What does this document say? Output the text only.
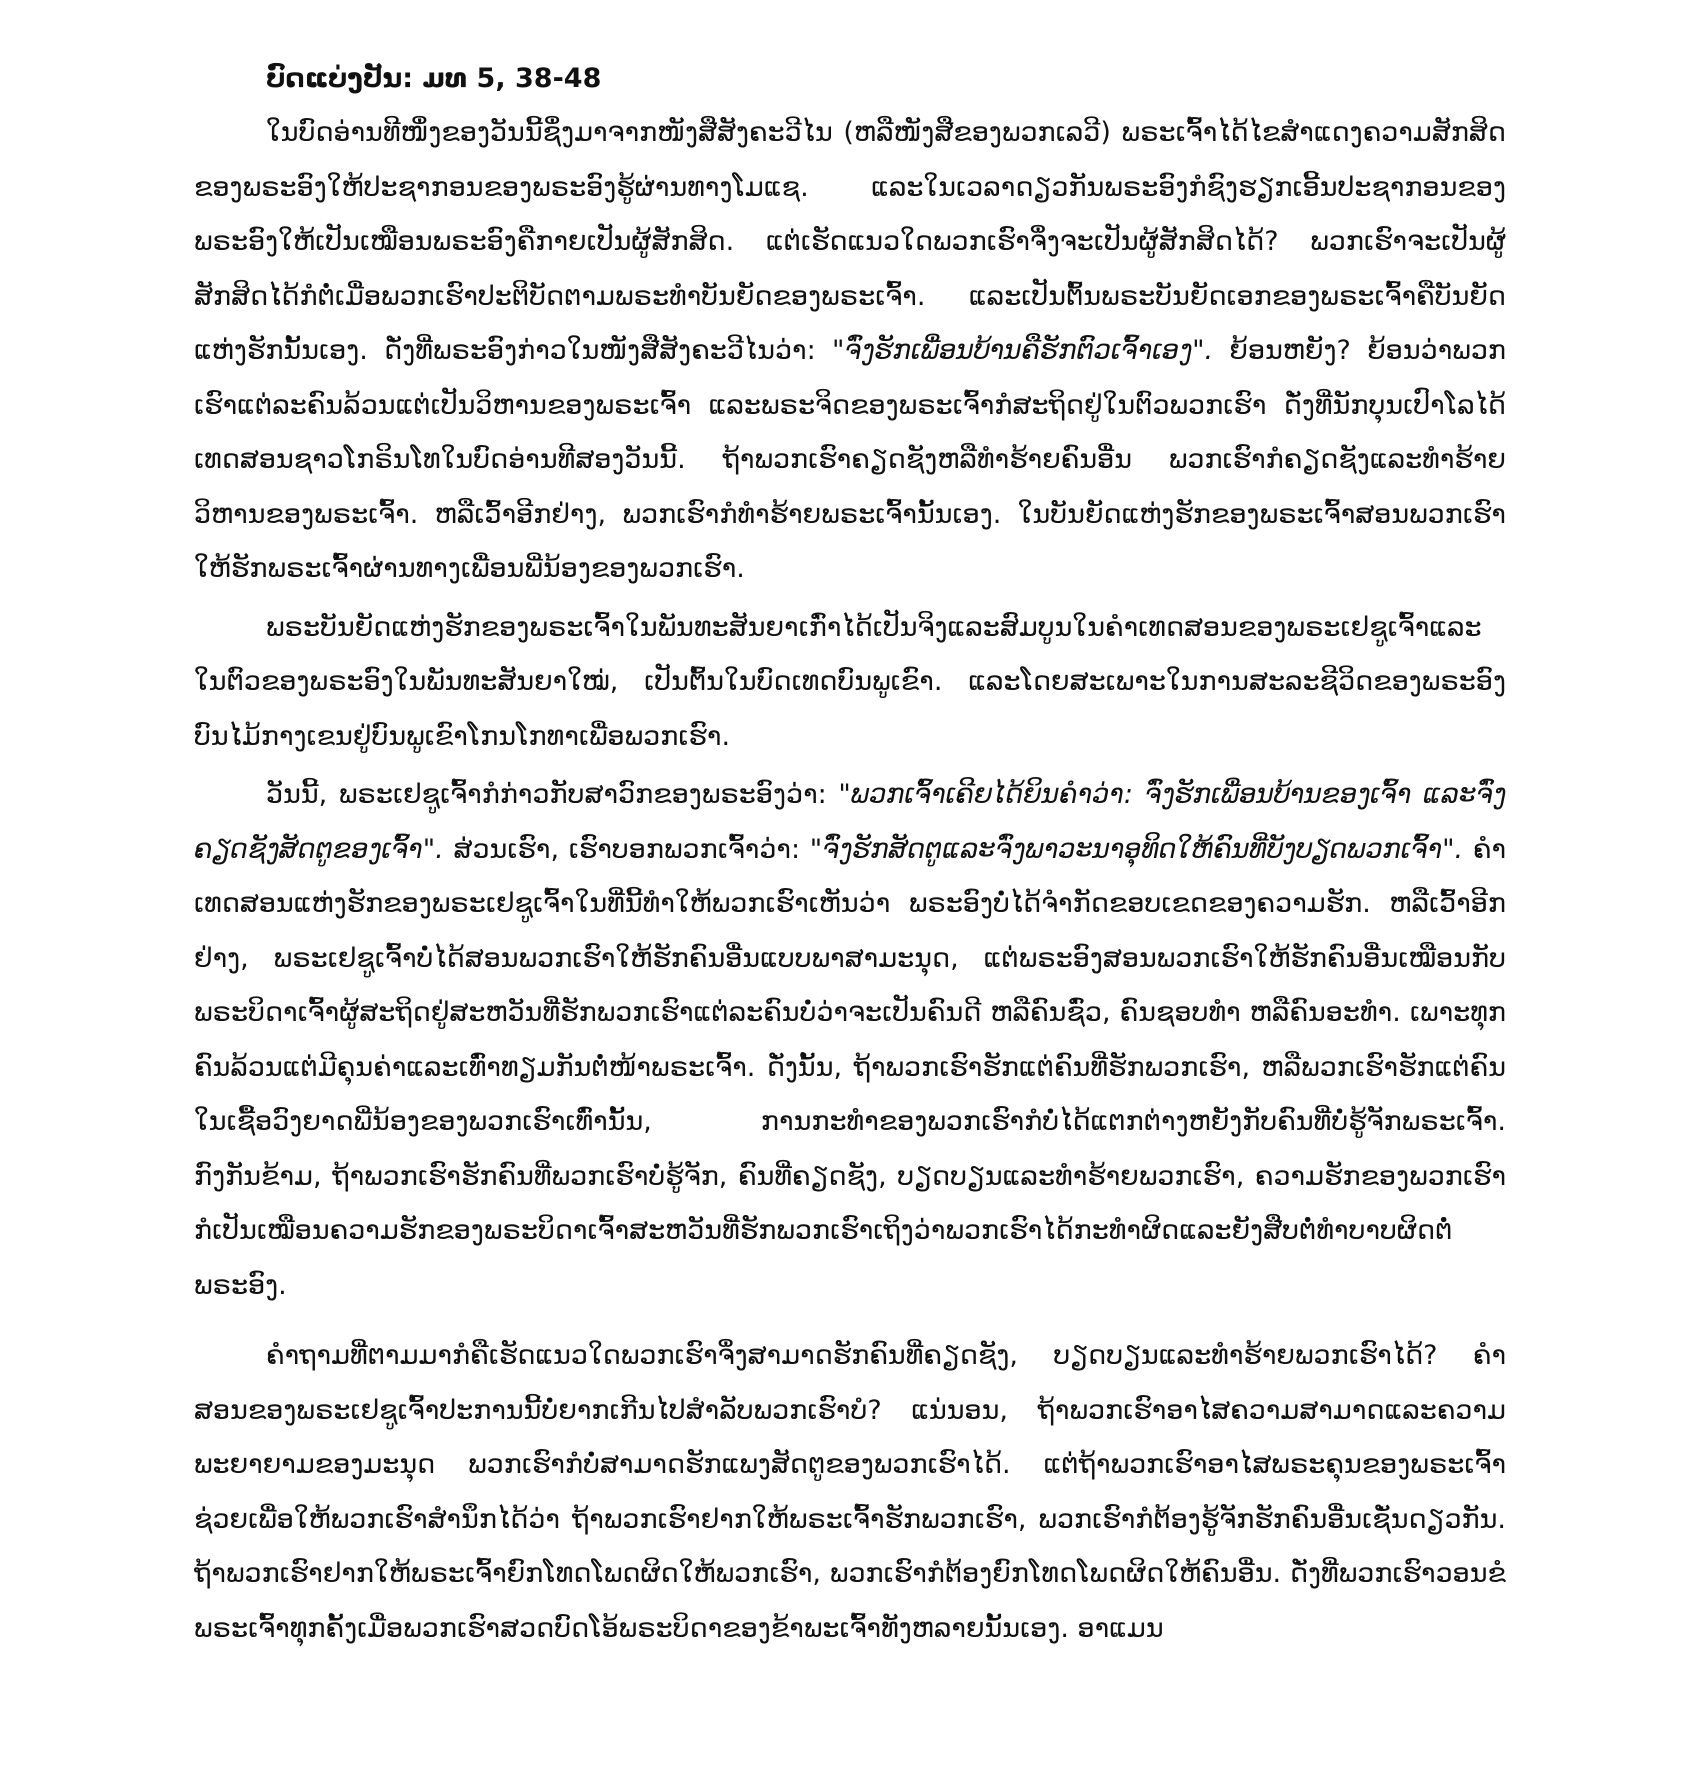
ບົດແບ່ງປັນ: ມທ 5, 38-48

ໃນບົດອ່ານທີໜຶ່ງຂອງວັນນີ້ຊຶ່ງມາຈາກໜັງສືສັງຄະວີໄນ (ຫລືໜັງສືຂອງພວກເລວີ) ພຣະເຈົ້າໄດ້ໄຂສຳແດງຄວາມສັກສິດຂອງພຣະອົງໃຫ້ປະຊາກອນຂອງພຣະອົງຮູ້ຜ່ານທາງໂມແຊ. ແລະໃນເວລາດຽວກັນພຣະອົງກໍຊົງຮຽກເອີ້ນປະຊາກອນຂອງພຣະອົງໃຫ້ເປັນເໝືອນພຣະອົງຄືກາຍເປັນຜູ້ສັກສິດ. ແຕ່ເຮັດແນວໃດພວກເຮົາຈຶ່ງຈະເປັນຜູ້ສັກສິດໄດ້? ພວກເຮົາຈະເປັນຜູ້ສັກສິດໄດ້ກໍຕໍ່ເມື່ອພວກເຮົາປະຕິບັດຕາມພຣະທຳບັນຍັດຂອງພຣະເຈົ້າ. ແລະເປັນຕົ້ນພຣະບັນຍັດເອກຂອງພຣະເຈົ້າຄືບັນຍັດແຫ່ງຮັກນັ້ນເອງ. ດັ່ງທີ່ພຣະອົງກ່າວໃນໜັງສືສັງຄະວີໄນວ່າ: "ຈົ່ງຮັກເພື່ອນບ້ານຄືຮັກຕົວເຈົ້າເອງ". ຍ້ອນຫຍັງ? ຍ້ອນວ່າພວກເຮົາແຕ່ລະຄົນລ້ວນແຕ່ເປັນວິຫານຂອງພຣະເຈົ້າ ແລະພຣະຈິດຂອງພຣະເຈົ້າກໍສະຖິດຢູ່ໃນຕົວພວກເຮົາ ດັ່ງທີ່ນັກບຸນເປົາໂລໄດ້ເທດສອນຊາວໂກຣິນໂທໃນບົດອ່ານທີສອງວັນນີ້. ຖ້າພວກເຮົາຄຽດຊັງຫລືທຳຮ້າຍຄົນອື່ນ ພວກເຮົາກໍຄຽດຊັງແລະທຳຮ້າຍວິຫານຂອງພຣະເຈົ້າ. ຫລືເວົ້າອີກຢ່າງ, ພວກເຮົາກໍທຳຮ້າຍພຣະເຈົ້ານັ້ນເອງ. ໃນບັນຍັດແຫ່ງຮັກຂອງພຣະເຈົ້າສອນພວກເຮົາໃຫ້ຮັກພຣະເຈົ້າຜ່ານທາງເພື່ອນພີ່ນ້ອງຂອງພວກເຮົາ.

ພຣະບັນຍັດແຫ່ງຮັກຂອງພຣະເຈົ້າໃນພັນທະສັນຍາເກົ່າໄດ້ເປັນຈິງແລະສົມບູນໃນຄຳເທດສອນຂອງພຣະເຢຊູເຈົ້າແລະໃນຕົວຂອງພຣະອົງໃນພັນທະສັນຍາໃໝ່, ເປັນຕົ້ນໃນບົດເທດບົນພູເຂົາ. ແລະໂດຍສະເພາະໃນການສະລະຊີວິດຂອງພຣະອົງບົນໄມ້ກາງເຂນຢູ່ບົນພູເຂົາໂກນໂກທາເພື່ອພວກເຮົາ.

ວັນນີ້, ພຣະເຢຊູເຈົ້າກໍກ່າວກັບສາວົກຂອງພຣະອົງວ່າ: "ພວກເຈົ້າເຄີຍໄດ້ຍິນຄຳວ່າ: ຈົ່ງຮັກເພື່ອນບ້ານຂອງເຈົ້າ ແລະຈົ່ງຄຽດຊັງສັດຕູຂອງເຈົ້າ". ສ່ວນເຮົາ, ເຮົາບອກພວກເຈົ້າວ່າ: "ຈົ່ງຮັກສັດຕູແລະຈົ່ງພາວະນາອຸທິດໃຫ້ຄົນທີ່ບັງບຽດພວກເຈົ້າ". ຄຳເທດສອນແຫ່ງຮັກຂອງພຣະເຢຊູເຈົ້າໃນທີ່ນີ້ທຳໃຫ້ພວກເຮົາເຫັນວ່າ ພຣະອົງບໍ່ໄດ້ຈຳກັດຂອບເຂດຂອງຄວາມຮັກ. ຫລືເວົ້າອີກຢ່າງ, ພຣະເຢຊູເຈົ້າບໍ່ໄດ້ສອນພວກເຮົາໃຫ້ຮັກຄົນອື່ນແບບພາສາມະນຸດ, ແຕ່ພຣະອົງສອນພວກເຮົາໃຫ້ຮັກຄົນອື່ນເໝືອນກັບພຣະບິດາເຈົ້າຜູ້ສະຖິດຢູ່ສະຫວັນທີ່ຮັກພວກເຮົາແຕ່ລະຄົນບໍ່ວ່າຈະເປັນຄົນດີ ຫລືຄົນຊົ່ວ, ຄົນຊອບທຳ ຫລືຄົນອະທຳ. ເພາະທຸກຄົນລ້ວນແຕ່ມີຄຸນຄ່າແລະເທົ່າທຽມກັນຕໍ່ໜ້າພຣະເຈົ້າ. ດັ່ງນັ້ນ, ຖ້າພວກເຮົາຮັກແຕ່ຄົນທີ່ຮັກພວກເຮົາ, ຫລືພວກເຮົາຮັກແຕ່ຄົນໃນເຊື້ອວົງຍາດພີ່ນ້ອງຂອງພວກເຮົາເທົ່ານັ້ນ, ການກະທຳຂອງພວກເຮົາກໍບໍ່ໄດ້ແຕກຕ່າງຫຍັງກັບຄົນທີ່ບໍ່ຮູ້ຈັກພຣະເຈົ້າ. ກົງກັນຂ້າມ, ຖ້າພວກເຮົາຮັກຄົນທີ່ພວກເຮົາບໍ່ຮູ້ຈັກ, ຄົນທີ່ຄຽດຊັງ, ບຽດບຽນແລະທຳຮ້າຍພວກເຮົາ, ຄວາມຮັກຂອງພວກເຮົາກໍເປັນເໝືອນຄວາມຮັກຂອງພຣະບິດາເຈົ້າສະຫວັນທີ່ຮັກພວກເຮົາເຖິງວ່າພວກເຮົາໄດ້ກະທຳຜິດແລະຍັງສືບຕໍ່ທຳບາບຜິດຕໍ່ພຣະອົງ.

ຄຳຖາມທີ່ຕາມມາກໍຄືເຮັດແນວໃດພວກເຮົາຈຶ່ງສາມາດຮັກຄົນທີ່ຄຽດຊັງ, ບຽດບຽນແລະທຳຮ້າຍພວກເຮົາໄດ້? ຄຳສອນຂອງພຣະເຢຊູເຈົ້າປະການນີ້ບໍ່ຍາກເກີນໄປສຳລັບພວກເຮົາບໍ? ແນ່ນອນ, ຖ້າພວກເຮົາອາໄສຄວາມສາມາດແລະຄວາມພະຍາຍາມຂອງມະນຸດ ພວກເຮົາກໍບໍ່ສາມາດຮັກແພງສັດຕູຂອງພວກເຮົາໄດ້. ແຕ່ຖ້າພວກເຮົາອາໄສພຣະຄຸນຂອງພຣະເຈົ້າຊ່ວຍເພື່ອໃຫ້ພວກເຮົາສຳນຶກໄດ້ວ່າ ຖ້າພວກເຮົາຢາກໃຫ້ພຣະເຈົ້າຮັກພວກເຮົາ, ພວກເຮົາກໍຕ້ອງຮູ້ຈັກຮັກຄົນອື່ນເຊັ່ນດຽວກັນ. ຖ້າພວກເຮົາຢາກໃຫ້ພຣະເຈົ້າຍົກໂທດໂພດຜິດໃຫ້ພວກເຮົາ, ພວກເຮົາກໍຕ້ອງຍົກໂທດໂພດຜິດໃຫ້ຄົນອື່ນ. ດັ່ງທີ່ພວກເຮົາວອນຂໍພຣະເຈົ້າທຸກຄັ້ງເມື່ອພວກເຮົາສວດບົດໂອ້ພຣະບິດາຂອງຂ້າພະເຈົ້າທັງຫລາຍນັ້ນເອງ. ອາແມນ
